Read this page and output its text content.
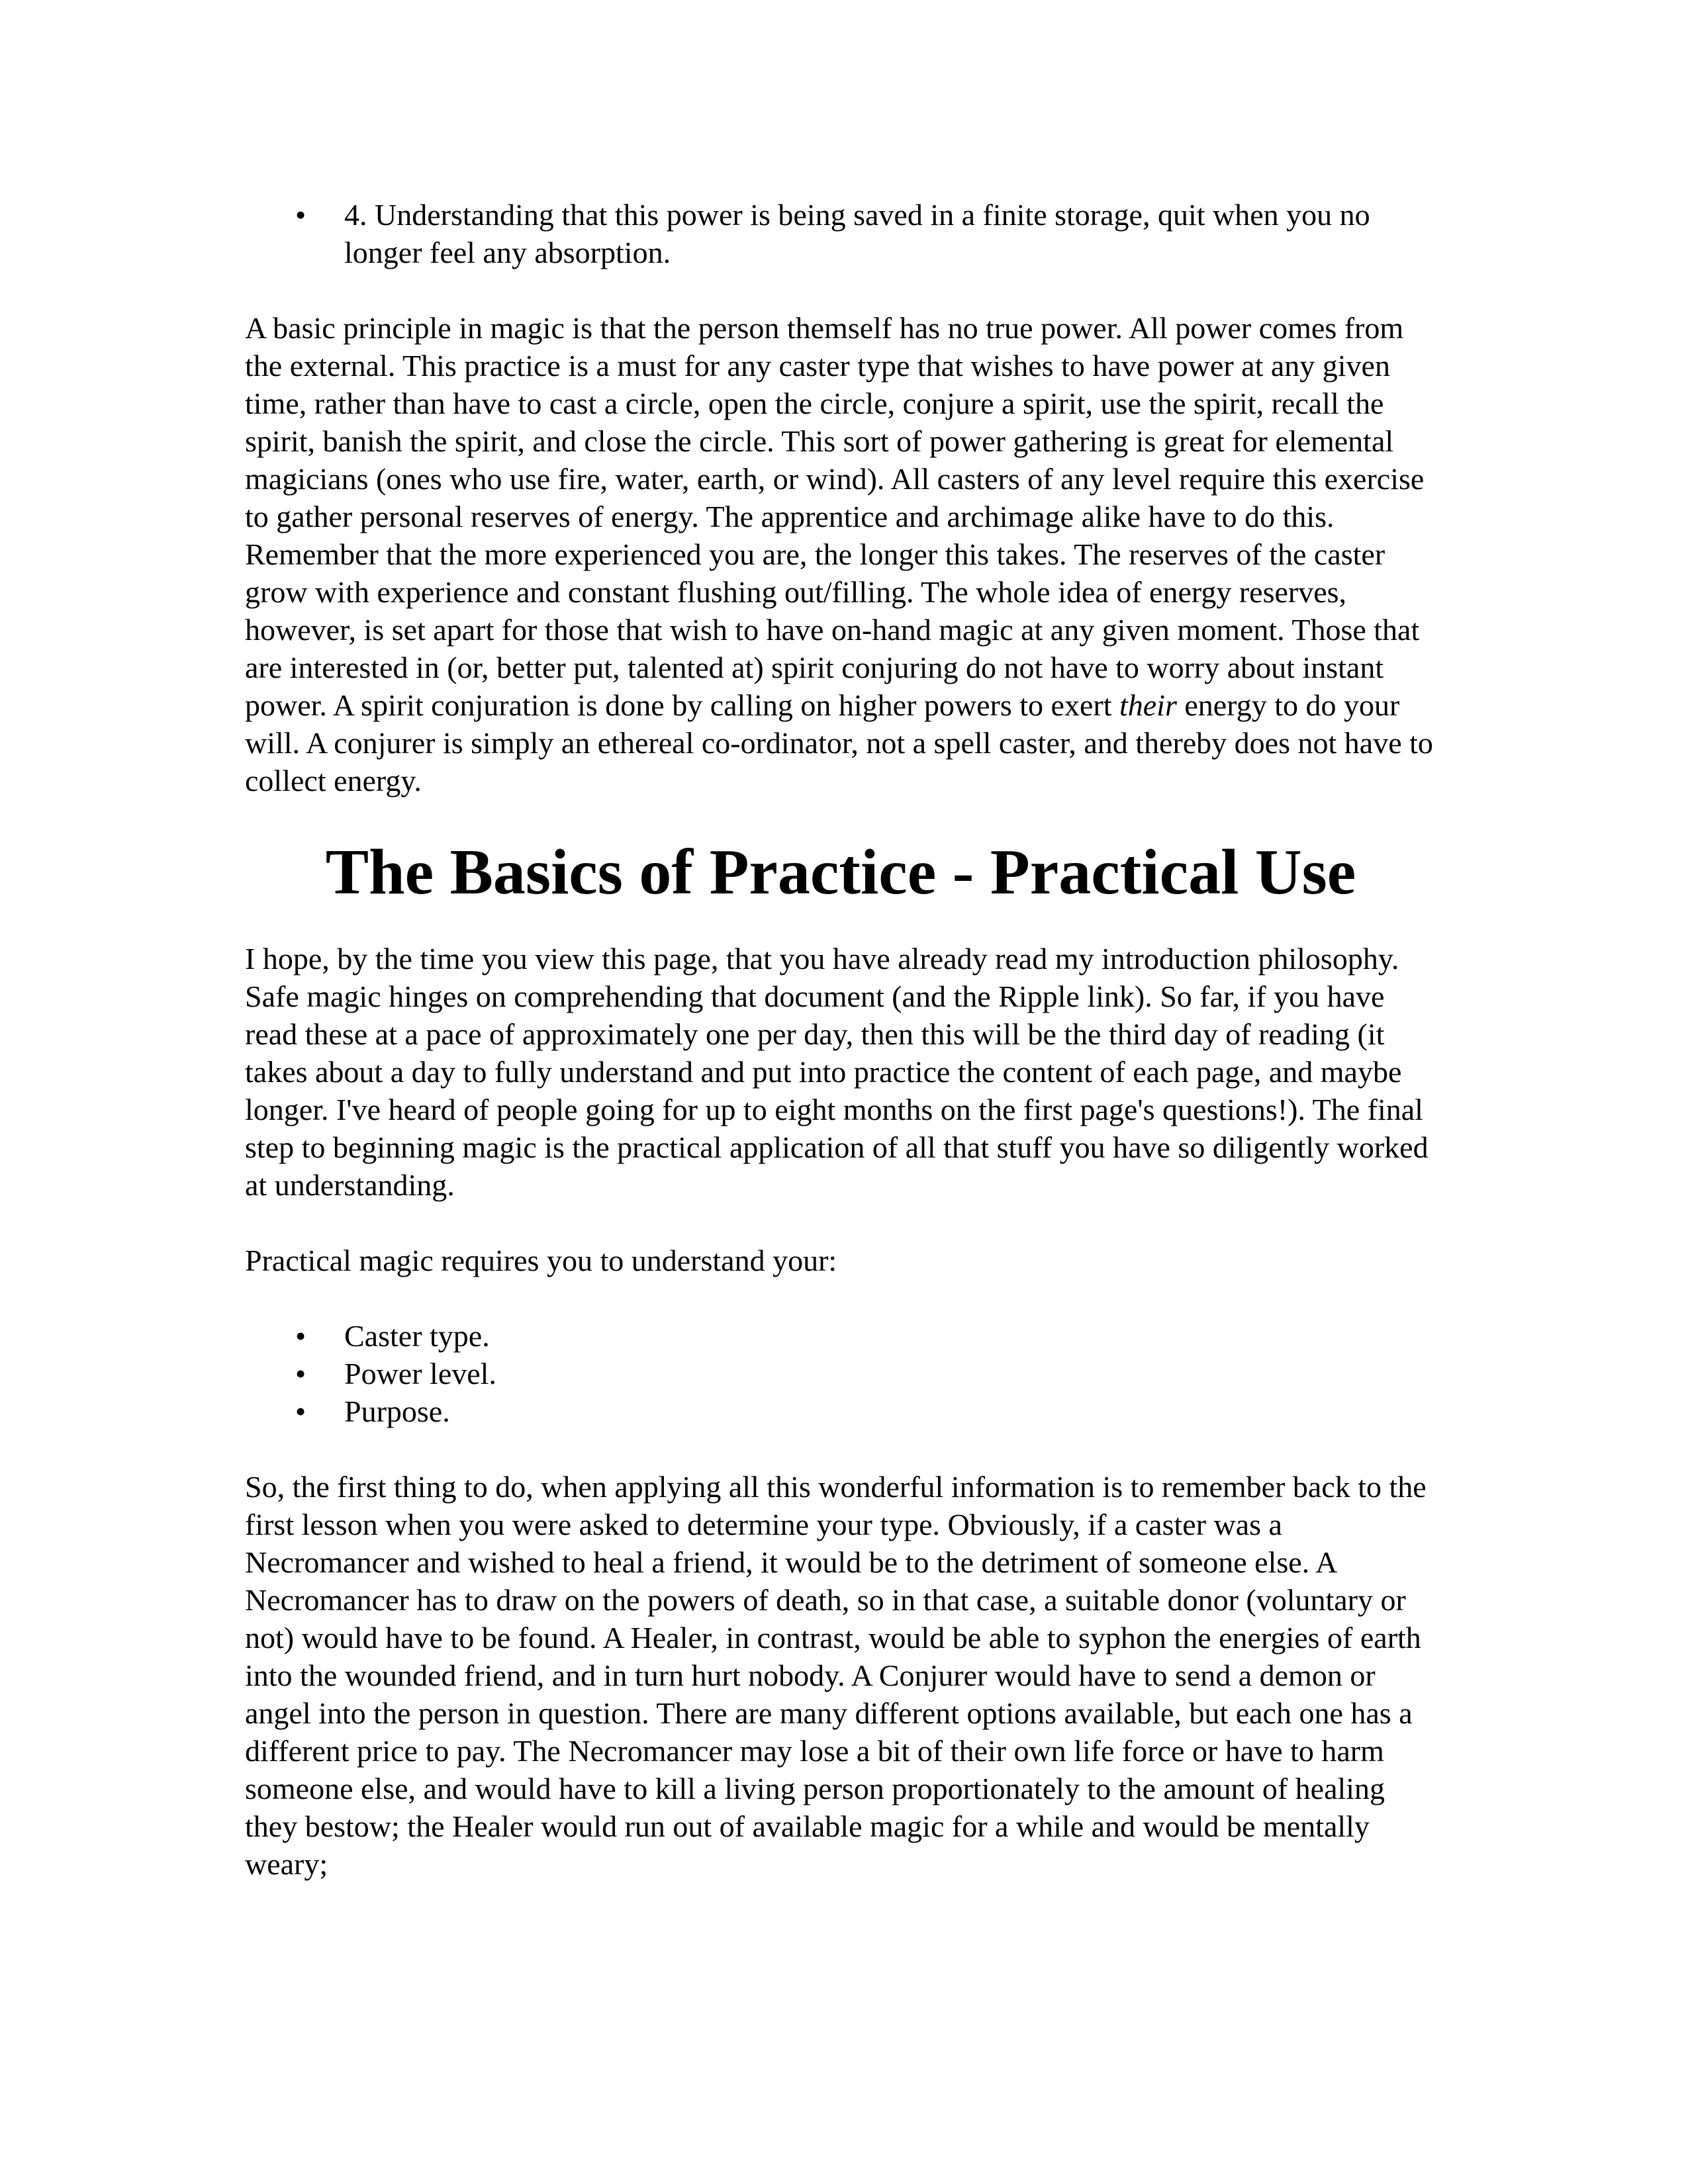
• 4. Understanding that this power is being saved in a finite storage, quit when you no longer feel any absorption.

A basic principle in magic is that the person themself has no true power. All power comes from the external. This practice is a must for any caster type that wishes to have power at any given time, rather than have to cast a circle, open the circle, conjure a spirit, use the spirit, recall the spirit, banish the spirit, and close the circle. This sort of power gathering is great for elemental magicians (ones who use fire, water, earth, or wind). All casters of any level require this exercise to gather personal reserves of energy. The apprentice and archimage alike have to do this. Remember that the more experienced you are, the longer this takes. The reserves of the caster grow with experience and constant flushing out/filling. The whole idea of energy reserves, however, is set apart for those that wish to have on-hand magic at any given moment. Those that are interested in (or, better put, talented at) spirit conjuring do not have to worry about instant power. A spirit conjuration is done by calling on higher powers to exert their energy to do your will. A conjurer is simply an ethereal co-ordinator, not a spell caster, and thereby does not have to collect energy.

The Basics of Practice - Practical Use

I hope, by the time you view this page, that you have already read my introduction philosophy. Safe magic hinges on comprehending that document (and the Ripple link). So far, if you have read these at a pace of approximately one per day, then this will be the third day of reading (it takes about a day to fully understand and put into practice the content of each page, and maybe longer. I've heard of people going for up to eight months on the first page's questions!). The final step to beginning magic is the practical application of all that stuff you have so diligently worked at understanding.

Practical magic requires you to understand your:

• Caster type.
• Power level.
• Purpose.

So, the first thing to do, when applying all this wonderful information is to remember back to the first lesson when you were asked to determine your type. Obviously, if a caster was a Necromancer and wished to heal a friend, it would be to the detriment of someone else. A Necromancer has to draw on the powers of death, so in that case, a suitable donor (voluntary or not) would have to be found. A Healer, in contrast, would be able to syphon the energies of earth into the wounded friend, and in turn hurt nobody. A Conjurer would have to send a demon or angel into the person in question. There are many different options available, but each one has a different price to pay. The Necromancer may lose a bit of their own life force or have to harm someone else, and would have to kill a living person proportionately to the amount of healing they bestow; the Healer would run out of available magic for a while and would be mentally weary;
